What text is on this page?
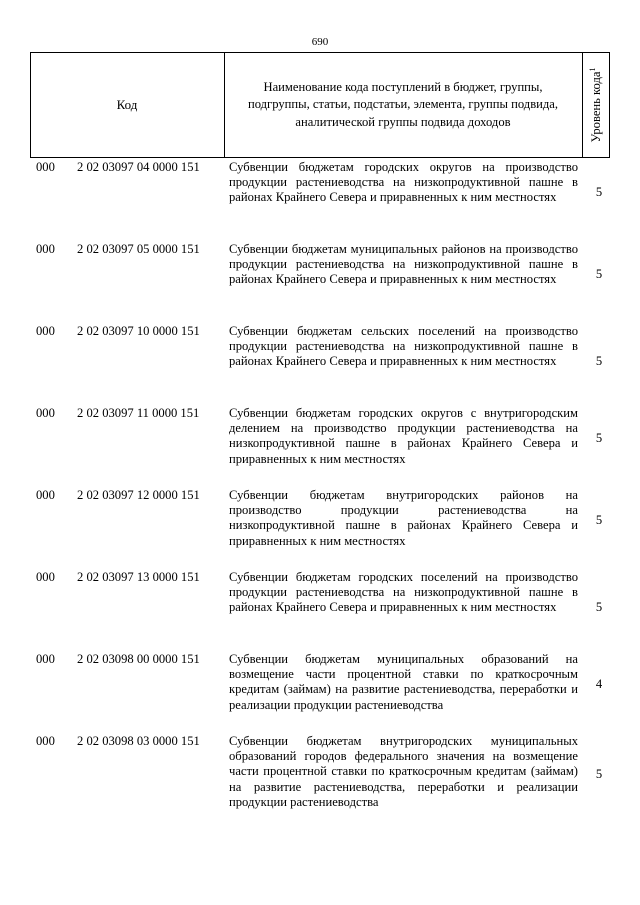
690
Код
Наименование кода поступлений в бюджет, группы, подгруппы, статьи, подстатьи, элемента, группы подвида, аналитической группы подвида доходов	Уровень кода$^1$
000 2 02 03097 04 0000 151 Субвенции бюджетам городских округов на производство продукции растениеводства на низкопродуктивной пашне в районах Крайнего Севера и приравненных к ним местностях	5
000 2 02 03097 05 0000 151 Субвенции бюджетам муниципальных районов на производство продукции растениеводства на низкопродуктивной пашне в районах Крайнего Севера и приравненных к ним местностях	5
000 2 02 03097 10 0000 151 Субвенции бюджетам сельских поселений на производство продукции растениеводства на низкопродуктивной пашне в районах Крайнего Севера и приравненных к ним местностях	5
000 2 02 03097 11 0000 151 Субвенции бюджетам городских округов с внутригородским делением на производство продукции растениеводства на низкопродуктивной пашне в районах Крайнего Севера и приравненных к ним местностях
5
000 2 02 03097 12 0000 151 Субвенции бюджетам внутригородских районов на производство продукции растениеводства на низкопродуктивной пашне в районах Крайнего Севера и приравненных к ним местностях
5
000 2 02 03097 13 0000 151 Субвенции бюджетам городских поселений на производство продукции растениеводства на низкопродуктивной пашне в районах Крайнего Севера и приравненных к ним местностях	5
000 2 02 03098 00 0000 151 Субвенции бюджетам муниципальных образований на возмещение части процентной ставки по краткосрочным кредитам (займам) на развитие растениеводства, переработки и реализации продукции растениеводства
4
000 2 02 03098 03 0000 151 Субвенции бюджетам внутригородских муниципальных образований городов федерального значения на возмещение части процентной ставки по краткосрочным кредитам (займам) на развитие растениеводства, переработки и реализации продукции растениеводства
5
